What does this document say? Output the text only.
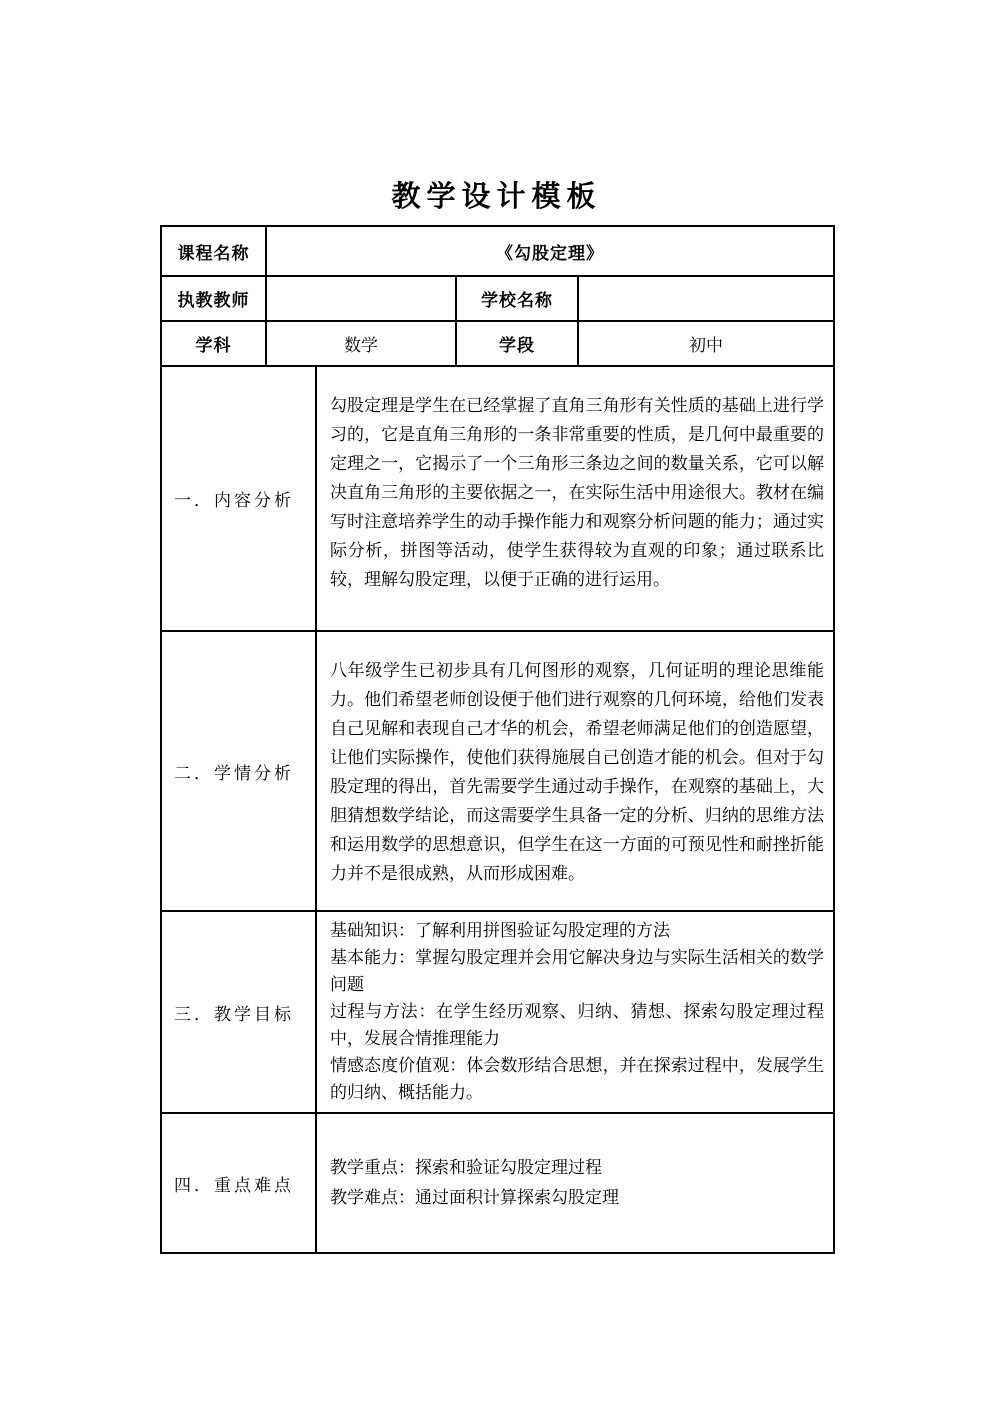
教学设计模板
课程名称	《勾股定理》			
执教教师			学校名称	
学科	数学		学段	初中
一．内容分析		勾股定理是学生在已经掌握了直角三角形有关性质的基础上进行学习的，它是直角三角形的一条非常重要的性质，是几何中最重要的定理之一，它揭示了一个三角形三条边之间的数量关系，它可以解决直角三角形的主要依据之一，在实际生活中用途很大。教材在编写时注意培养学生的动手操作能力和观察分析问题的能力；通过实际分析，拼图等活动，使学生获得较为直观的印象；通过联系比较，理解勾股定理，以便于正确的进行运用。		

二．学情分析		八年级学生已初步具有几何图形的观察，几何证明的理论思维能力。他们希望老师创设便于他们进行观察的几何环境，给他们发表自己见解和表现自己才华的机会，希望老师满足他们的创造愿望，让他们实际操作，使他们获得施展自己创造才能的机会。但对于勾股定理的得出，首先需要学生通过动手操作，在观察的基础上，大胆猜想数学结论，而这需要学生具备一定的分析、归纳的思维方法和运用数学的思想意识，但学生在这一方面的可预见性和耐挫折能力并不是很成熟，从而形成困难。		

三．教学目标		基础知识：了解利用拼图验证勾股定理的方法

基本能力：掌握勾股定理并会用它解决身边与实际生活相关的数学问题

过程与方法：在学生经历观察、归纳、猜想、探索勾股定理过程中，发展合情推理能力

情感态度价值观：体会数形结合思想，并在探索过程中，发展学生的归纳、概括能力。		

四．重点难点		教学重点：探索和验证勾股定理过程

教学难点：通过面积计算探索勾股定理		
